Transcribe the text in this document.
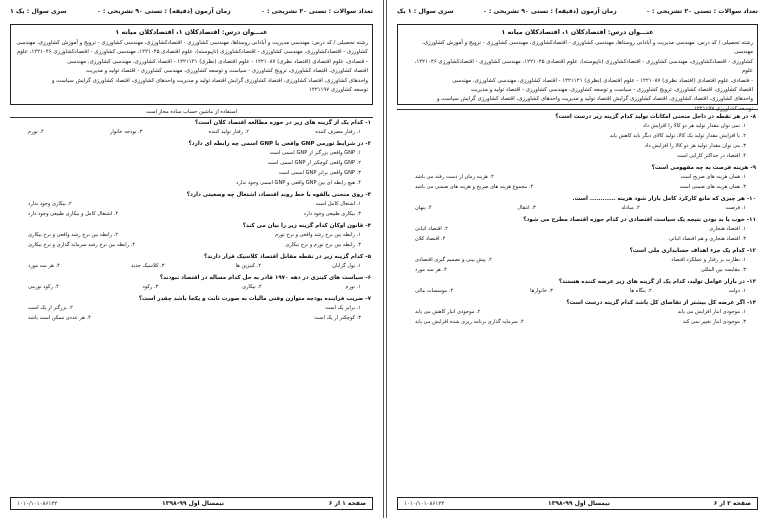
تعداد سوالات : تستی ۲۰ تشریحی : ۰
زمان آزمون (دقیقه) : تستی ۹۰ تشریحی : ۰
سری سوال : یک ۱
عنـــوان درس: اقتصادکلان ۱، اقتصادکلان میانه ۱
رشته تحصیلی / کد درس: مهندسی مدیریت و آبادانی روستاها، مهندسی کشاورزی - اقتصادکشاورزی، مهندسی کشاورزی - ترویج و آموزش کشاورزی، مهندسی
کشاورزی - اقتصادکشاورزی، مهندسی کشاورزی - اقتصادکشاورزی (ناپیوسته)، علوم اقتصادی ۱۲۲۱۰۴۵، مهندسی کشاورزی - اقتصادکشاورزی ۱۲۲۱۰۴۶، علوم
- قتصادی، علوم اقتصادی (اقتصاد نظری) ۱۲۲۱۰۸۷ - علوم اقتصادی (نظری) ۱۲۲۱۱۲۱ - اقتصاد کشاورزی، مهندسی کشاورزی، مهندسی
اقتصاد کشاورزی، اقتصاد کشاورزی، ترویج کشاورزی - سیاست و توسعه کشاورزی، مهندسی کشاورزی - اقتصاد تولید و مدیریت
واحدهای کشاورزی، اقتصاد کشاورزی، اقتصاد کشاورزی گرایش اقتصاد تولید و مدیریت واحدهای کشاورزی، اقتصاد کشاورزی گرایش سیاست و
توسعه کشاورزی ۱۲۲۱۱۹۷
استفاده از ماشین حساب ساده مجاز است
۱- کدام یک از گزینه های زیر در حوزه مطالعه اقتصاد کلان است؟
۱. رفتار مصرف کننده
۲. رفتار تولید کننده
۳. بودجه خانوار
۴. تورم
۲- در شرایط تورمی GNP واقعی با GNP اسمی چه رابطه ای دارد؟
۱. GNP واقعی بزرگتر از GNP اسمی است
۲. GNP واقعی کوچکتر از GNP اسمی است
۳. GNP واقعی برابر GNP اسمی است
۴. هیچ رابطه ای بین GNP واقعی و GNP اسمی وجود ندارد
۳- روی منحنی بالقوه با خط روند اقتصاد، اشتغال چه وضعیتی دارد؟
۱. اشتغال کامل است
۲. بیکاری وجود ندارد
۳. بیکاری طبیعی وجود دارد
۴. اشتغال کامل و بیکاری طبیعی وجود دارد
۴- قانون اوکان کدام گزینه زیر را بیان می کند؟
۱. رابطه بین نرخ رشد واقعی و نرخ تورم
۲. رابطه بین نرخ رشد واقعی و نرخ بیکاری
۳. رابطه بین نرخ تورم و نرخ بیکاری
۴. رابطه بین نرخ رشد سرمایه گذاری و نرخ بیکاری
۵- کدام گزینه زیر در نقطه مقابل اقتصاد کلاسیک قرار دارند؟
۱. پول گرایان
۲. کینزین ها
۳. کلاسیک جدید
۴. هر سه مورد
۶- سیاست های کینزی در دهه ۱۹۷۰ قادر به حل کدام مساله در اقتصاد نبودند؟
۱. تورم
۲. بیکاری
۳. رکود
۴. رکود تورمی
۷- ضریب فزاینده بودجه متوازن وقتی مالیات به صورت ثابت و یکجا باشد چقدر است؟
۱. برابر یک است
۲. بزرگتر از یک است
۳. کوچکتر از یک است
۴. هر عددی ممکن است باشد
صفحه ۱ از ۶
نیمسال اول ۹۹-۱۳۹۸
۱۰۱۰/۱۰۱۰۸۶۱۲۲
تعداد سوالات : تستی ۲۰ تشریحی : ۰
زمان آزمون (دقیقه) : تستی ۹۰ تشریحی : ۰
سری سوال : ۱ یک
عنـــوان درس: اقتصادکلان ۱، اقتصادکلان میانه ۱
رشته تحصیلی / کد درس: مهندسی مدیریت و آبادانی روستاها، مهندسی کشاورزی - اقتصادکشاورزی، مهندسی کشاورزی - ترویج و آموزش کشاورزی، مهندسی
کشاورزی - اقتصادکشاورزی، مهندسی کشاورزی - اقتصادکشاورزی (ناپیوسته)، علوم اقتصادی ۱۲۲۱۰۴۵، مهندسی کشاورزی - اقتصادکشاورزی ۱۲۲۱۰۴۶، علوم
- قتصادی، علوم اقتصادی (اقتصاد نظری) ۱۲۲۱۰۸۷ - علوم اقتصادی (نظری) ۱۲۲۱۱۲۱ - اقتصاد کشاورزی، مهندسی کشاورزی، مهندسی
اقتصاد کشاورزی، اقتصاد کشاورزی، ترویج کشاورزی - سیاست و توسعه کشاورزی، مهندسی کشاورزی - اقتصاد تولید و مدیریت
واحدهای کشاورزی، اقتصاد کشاورزی، اقتصاد کشاورزی گرایش اقتصاد تولید و مدیریت واحدهای کشاورزی، اقتصاد کشاورزی گرایش سیاست و
۸- در هر نقطه در داخل منحنی امکانات تولید کدام گزینه زیر درست است؟
۱. نمی توان مقدار تولید هر دو کالا را افزایش داد
۲. با افزایش مقدار تولید یک کالا، تولید کالای دیگر باید کاهش یابد
۳. می توان مقدار تولید هر دو کالا را افزایش داد
۴. اقتصاد در حداکثر کارایی است
۹- هزینه فرصت به چه مفهومی است؟
۱. همان هزینه های صریح است
۲. هزینه زمان از دست رفته می باشد
۳. همان هزینه های ضمنی است
۴. مجموع هزینه های صریح و هزینه های ضمنی می باشد
۱۰- هر چیزی که مانع کارکرد کامل بازار شود هزینه ............ است.
۱. فرصت
۲. مبادله
۳. انتقال
۴. پنهان
۱۱- خوب یا بد بودن نتیجه یک سیاست اقتصادی در کدام حوزه اقتصاد مطرح می شود؟
۱. اقتصاد هنجاری
۲. اقتصاد اثباتی
۳. اقتصاد هنجاری و هم اقتصاد اثباتی
۴. اقتصاد کلان
۱۲- کدام یک جزء اهداف حسابداری ملی است؟
۱. نظارت بر رفتار و عملکرد اقتصاد
۲. پیش بینی و تصمیم گیری اقتصادی
۳. مقایسه بین المللی
۴. هر سه مورد
۱۳- در بازار عوامل تولید، کدام یک از گزینه های زیر عرضه کننده هستند؟
۱. دولت
۲. بنگاه ها
۳. خانوارها
۴. موسسات مالی
۱۴- اگر عرضه کل بیشتر از تقاضای کل باشد کدام گزینه درست است؟
۱. موجودی انبار افزایش می یابد
۲. موجودی انبار کاهش می یابد
۳. موجودی انبار تغییر نمی کند
۴. سرمایه گذاری برنامه ریزی شده افزایش می یابد
صفحه ۲ از ۶
نیمسال اول ۹۹-۱۳۹۸
۱۰۱۰/۱۰۱۰۸۶۱۲۲
